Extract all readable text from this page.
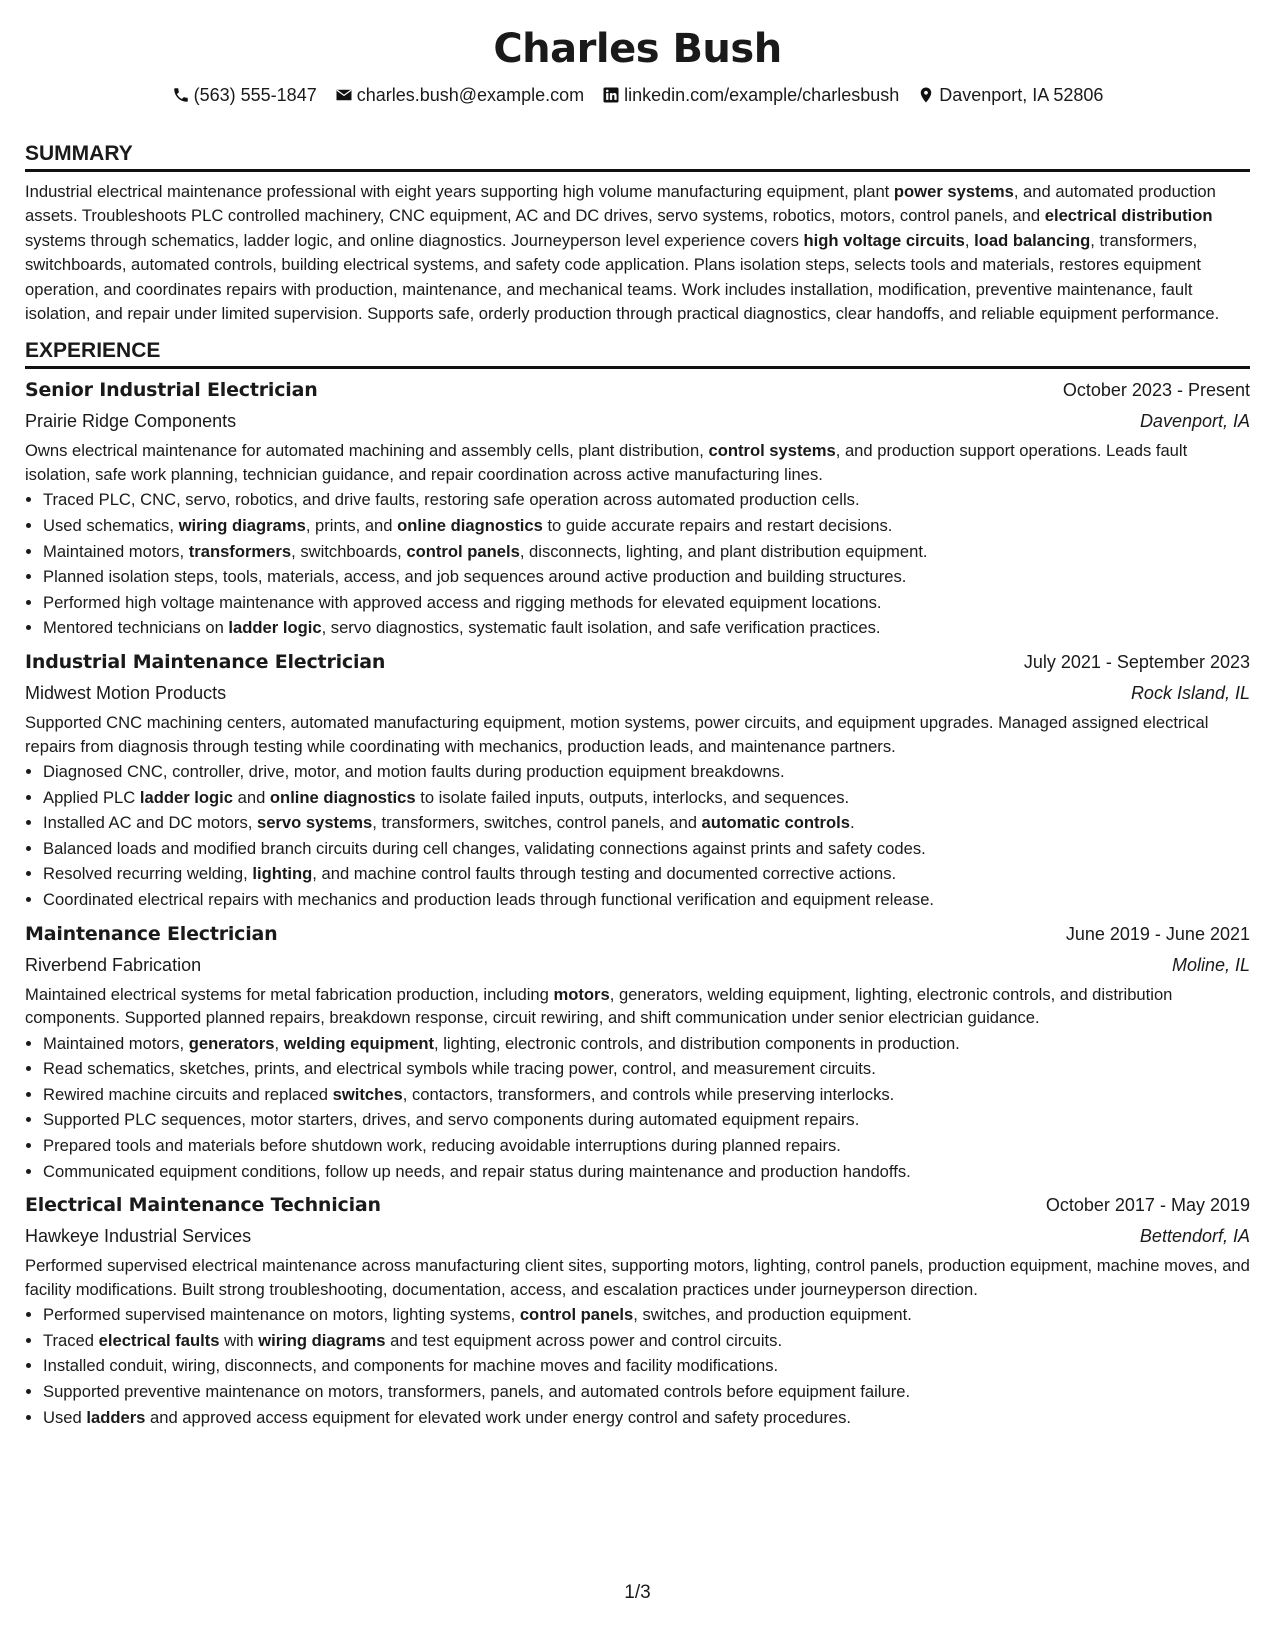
Charles Bush
(563) 555-1847 charles.bush@example.com linkedin.com/example/charlesbush Davenport, IA 52806
SUMMARY
Industrial electrical maintenance professional with eight years supporting high volume manufacturing equipment, plant power systems, and automated production assets. Troubleshoots PLC controlled machinery, CNC equipment, AC and DC drives, servo systems, robotics, motors, control panels, and electrical distribution systems through schematics, ladder logic, and online diagnostics. Journeyperson level experience covers high voltage circuits, load balancing, transformers, switchboards, automated controls, building electrical systems, and safety code application. Plans isolation steps, selects tools and materials, restores equipment operation, and coordinates repairs with production, maintenance, and mechanical teams. Work includes installation, modification, preventive maintenance, fault isolation, and repair under limited supervision. Supports safe, orderly production through practical diagnostics, clear handoffs, and reliable equipment performance.
EXPERIENCE
Senior Industrial Electrician	October 2023 - Present
Prairie Ridge Components	Davenport, IA
Owns electrical maintenance for automated machining and assembly cells, plant distribution, control systems, and production support operations. Leads fault isolation, safe work planning, technician guidance, and repair coordination across active manufacturing lines.
• Traced PLC, CNC, servo, robotics, and drive faults, restoring safe operation across automated production cells.
• Used schematics, wiring diagrams, prints, and online diagnostics to guide accurate repairs and restart decisions.
• Maintained motors, transformers, switchboards, control panels, disconnects, lighting, and plant distribution equipment.
• Planned isolation steps, tools, materials, access, and job sequences around active production and building structures.
• Performed high voltage maintenance with approved access and rigging methods for elevated equipment locations.
• Mentored technicians on ladder logic, servo diagnostics, systematic fault isolation, and safe verification practices.
Industrial Maintenance Electrician	July 2021 - September 2023
Midwest Motion Products	Rock Island, IL
Supported CNC machining centers, automated manufacturing equipment, motion systems, power circuits, and equipment upgrades. Managed assigned electrical repairs from diagnosis through testing while coordinating with mechanics, production leads, and maintenance partners.
• Diagnosed CNC, controller, drive, motor, and motion faults during production equipment breakdowns.
• Applied PLC ladder logic and online diagnostics to isolate failed inputs, outputs, interlocks, and sequences.
• Installed AC and DC motors, servo systems, transformers, switches, control panels, and automatic controls.
• Balanced loads and modified branch circuits during cell changes, validating connections against prints and safety codes.
• Resolved recurring welding, lighting, and machine control faults through testing and documented corrective actions.
• Coordinated electrical repairs with mechanics and production leads through functional verification and equipment release.
Maintenance Electrician	June 2019 - June 2021
Riverbend Fabrication	Moline, IL
Maintained electrical systems for metal fabrication production, including motors, generators, welding equipment, lighting, electronic controls, and distribution components. Supported planned repairs, breakdown response, circuit rewiring, and shift communication under senior electrician guidance.
• Maintained motors, generators, welding equipment, lighting, electronic controls, and distribution components in production.
• Read schematics, sketches, prints, and electrical symbols while tracing power, control, and measurement circuits.
• Rewired machine circuits and replaced switches, contactors, transformers, and controls while preserving interlocks.
• Supported PLC sequences, motor starters, drives, and servo components during automated equipment repairs.
• Prepared tools and materials before shutdown work, reducing avoidable interruptions during planned repairs.
• Communicated equipment conditions, follow up needs, and repair status during maintenance and production handoffs.
Electrical Maintenance Technician	October 2017 - May 2019
Hawkeye Industrial Services	Bettendorf, IA
Performed supervised electrical maintenance across manufacturing client sites, supporting motors, lighting, control panels, production equipment, machine moves, and facility modifications. Built strong troubleshooting, documentation, access, and escalation practices under journeyperson direction.
• Performed supervised maintenance on motors, lighting systems, control panels, switches, and production equipment.
• Traced electrical faults with wiring diagrams and test equipment across power and control circuits.
• Installed conduit, wiring, disconnects, and components for machine moves and facility modifications.
• Supported preventive maintenance on motors, transformers, panels, and automated controls before equipment failure.
• Used ladders and approved access equipment for elevated work under energy control and safety procedures.
1/3
